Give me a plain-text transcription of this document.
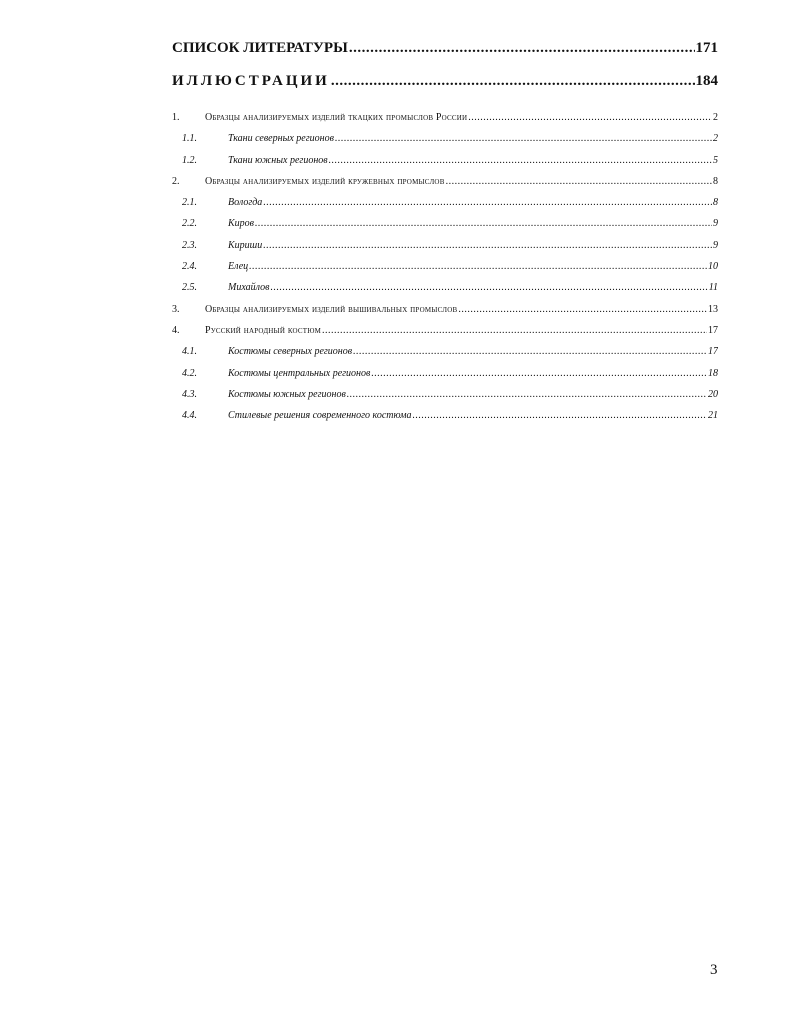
СПИСОК ЛИТЕРАТУРЫ .....	171
ИЛЛЮСТРАЦИИ .....	184
1.	Образцы анализируемых изделий ткацких промыслов России .....	2
1.1.	Ткани северных регионов .....	2
1.2.	Ткани южных регионов .....	5
2.	Образцы анализируемых изделий кружевных промыслов .....	8
2.1.	Вологда .....	8
2.2.	Киров .....	9
2.3.	Кириши .....	9
2.4.	Елец .....	10
2.5.	Михайлов .....	11
3.	Образцы анализируемых изделий вышивальных промыслов .....	13
4.	Русский народный костюм .....	17
4.1.	Костюмы северных регионов .....	17
4.2.	Костюмы центральных регионов .....	18
4.3.	Костюмы южных регионов .....	20
4.4.	Стилевые решения современного костюма .....	21
3
